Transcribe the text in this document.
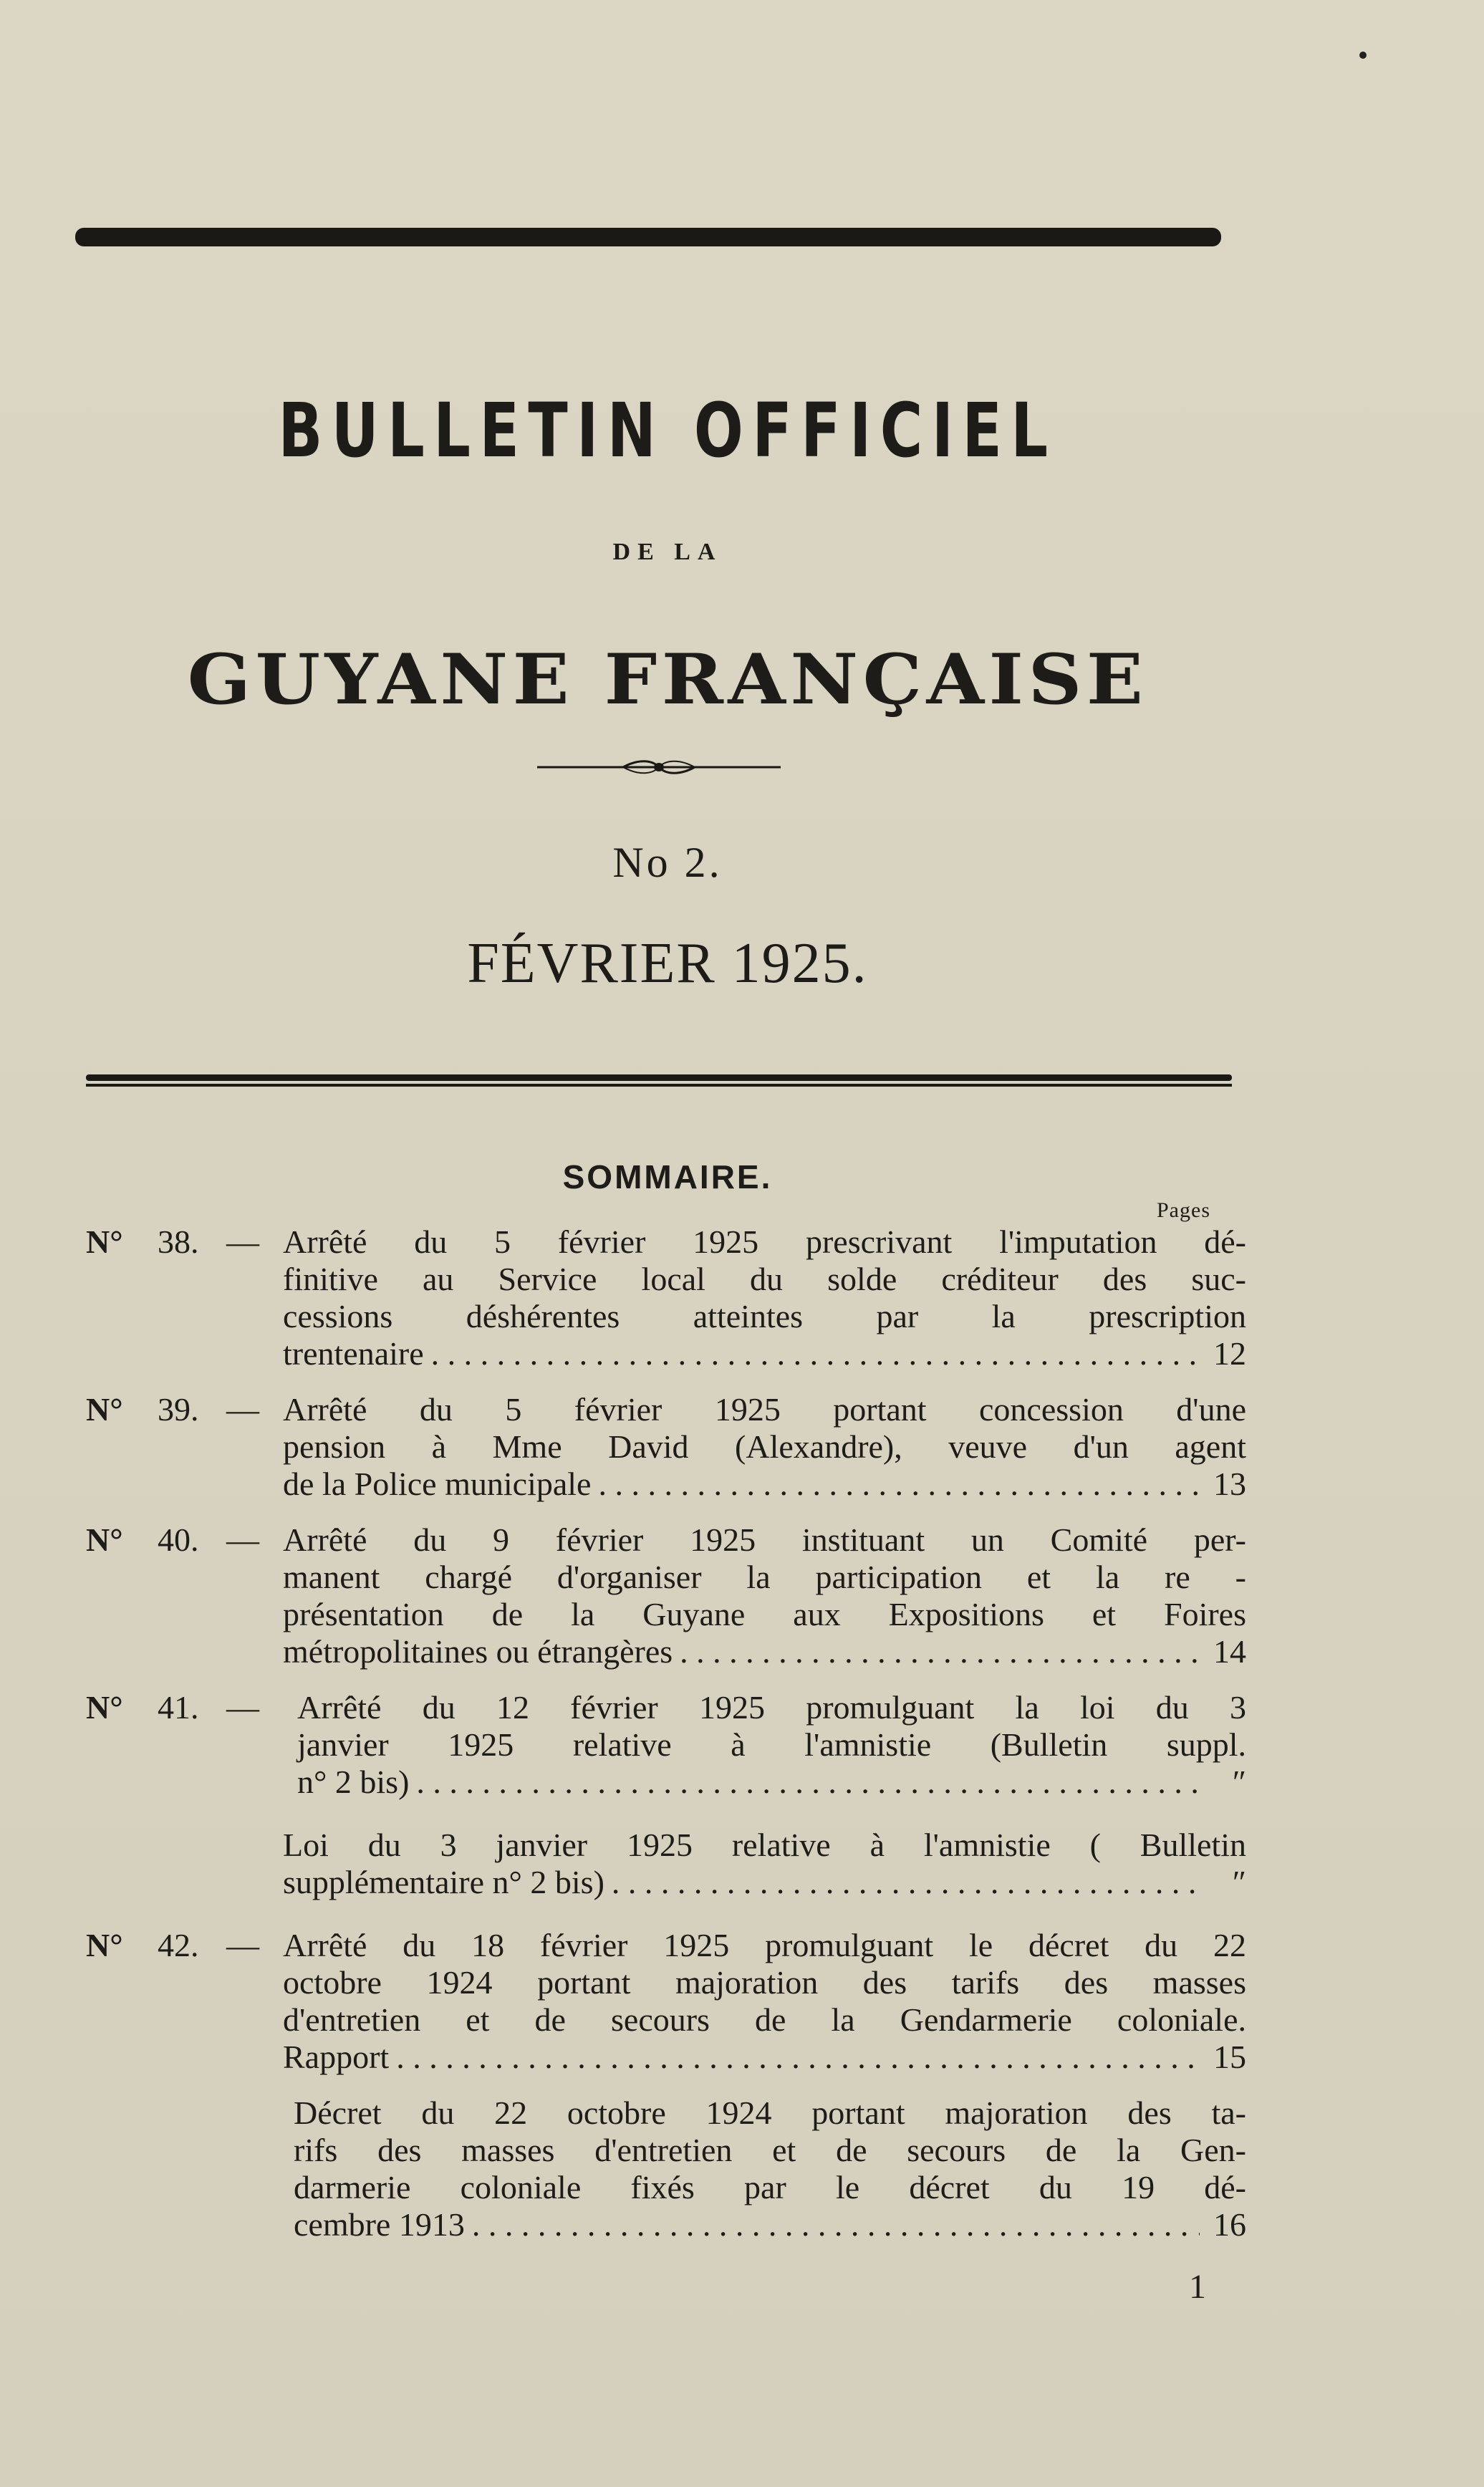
BULLETIN OFFICIEL
DE LA
GUYANE FRANÇAISE
No 2.
FÉVRIER 1925.
SOMMAIRE.
Pages
N° 38. — Arrêté du 5 février 1925 prescrivant l'imputation dé-
finitive au Service local du solde créditeur des suc-
cessions déshérentes atteintes par la prescription
trentenaire . . .	12
N° 39. — Arrêté du 5 février 1925 portant concession d'une
pension à Mme David (Alexandre), veuve d'un agent
de la Police municipale . . .	13
N° 40. — Arrêté du 9 février 1925 instituant un Comité per-
manent chargé d'organiser la participation et la re -
présentation de la Guyane aux Expositions et Foires
métropolitaines ou étrangères . . .	14
N° 41. — Arrêté du 12 février 1925 promulguant la loi du 3
janvier 1925 relative à l'amnistie (Bulletin suppl.
n° 2 bis) . . .	″
Loi du 3 janvier 1925 relative à l'amnistie ( Bulletin
supplémentaire n° 2 bis) . . .	″
N° 42. — Arrêté du 18 février 1925 promulguant le décret du 22
octobre 1924 portant majoration des tarifs des masses
d'entretien et de secours de la Gendarmerie coloniale.
Rapport . . .	15
Décret du 22 octobre 1924 portant majoration des ta-
rifs des masses d'entretien et de secours de la Gen-
darmerie coloniale fixés par le décret du 19 dé-
cembre 1913 . . .	16
1
